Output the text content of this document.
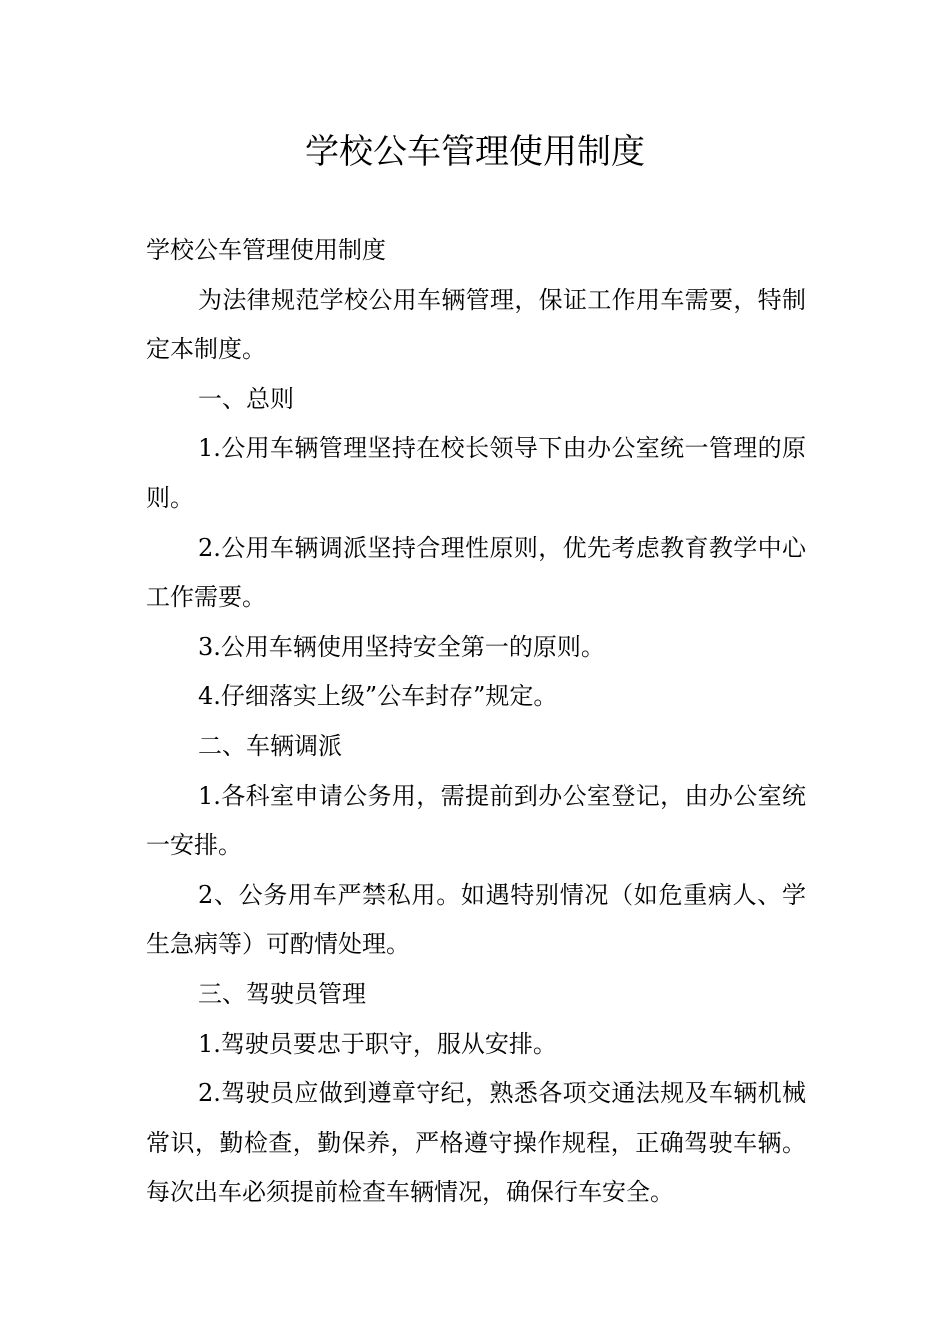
学校公车管理使用制度

学校公车管理使用制度

为法律规范学校公用车辆管理，保证工作用车需要，特制定本制度。

一、总则

1.公用车辆管理坚持在校长领导下由办公室统一管理的原则。

2.公用车辆调派坚持合理性原则，优先考虑教育教学中心工作需要。

3.公用车辆使用坚持安全第一的原则。

4.仔细落实上级”公车封存”规定。

二、车辆调派

1.各科室申请公务用，需提前到办公室登记，由办公室统一安排。

2、公务用车严禁私用。如遇特别情况（如危重病人、学生急病等）可酌情处理。

三、驾驶员管理

1.驾驶员要忠于职守，服从安排。

2.驾驶员应做到遵章守纪，熟悉各项交通法规及车辆机械常识，勤检查，勤保养，严格遵守操作规程，正确驾驶车辆。每次出车必须提前检查车辆情况，确保行车安全。
